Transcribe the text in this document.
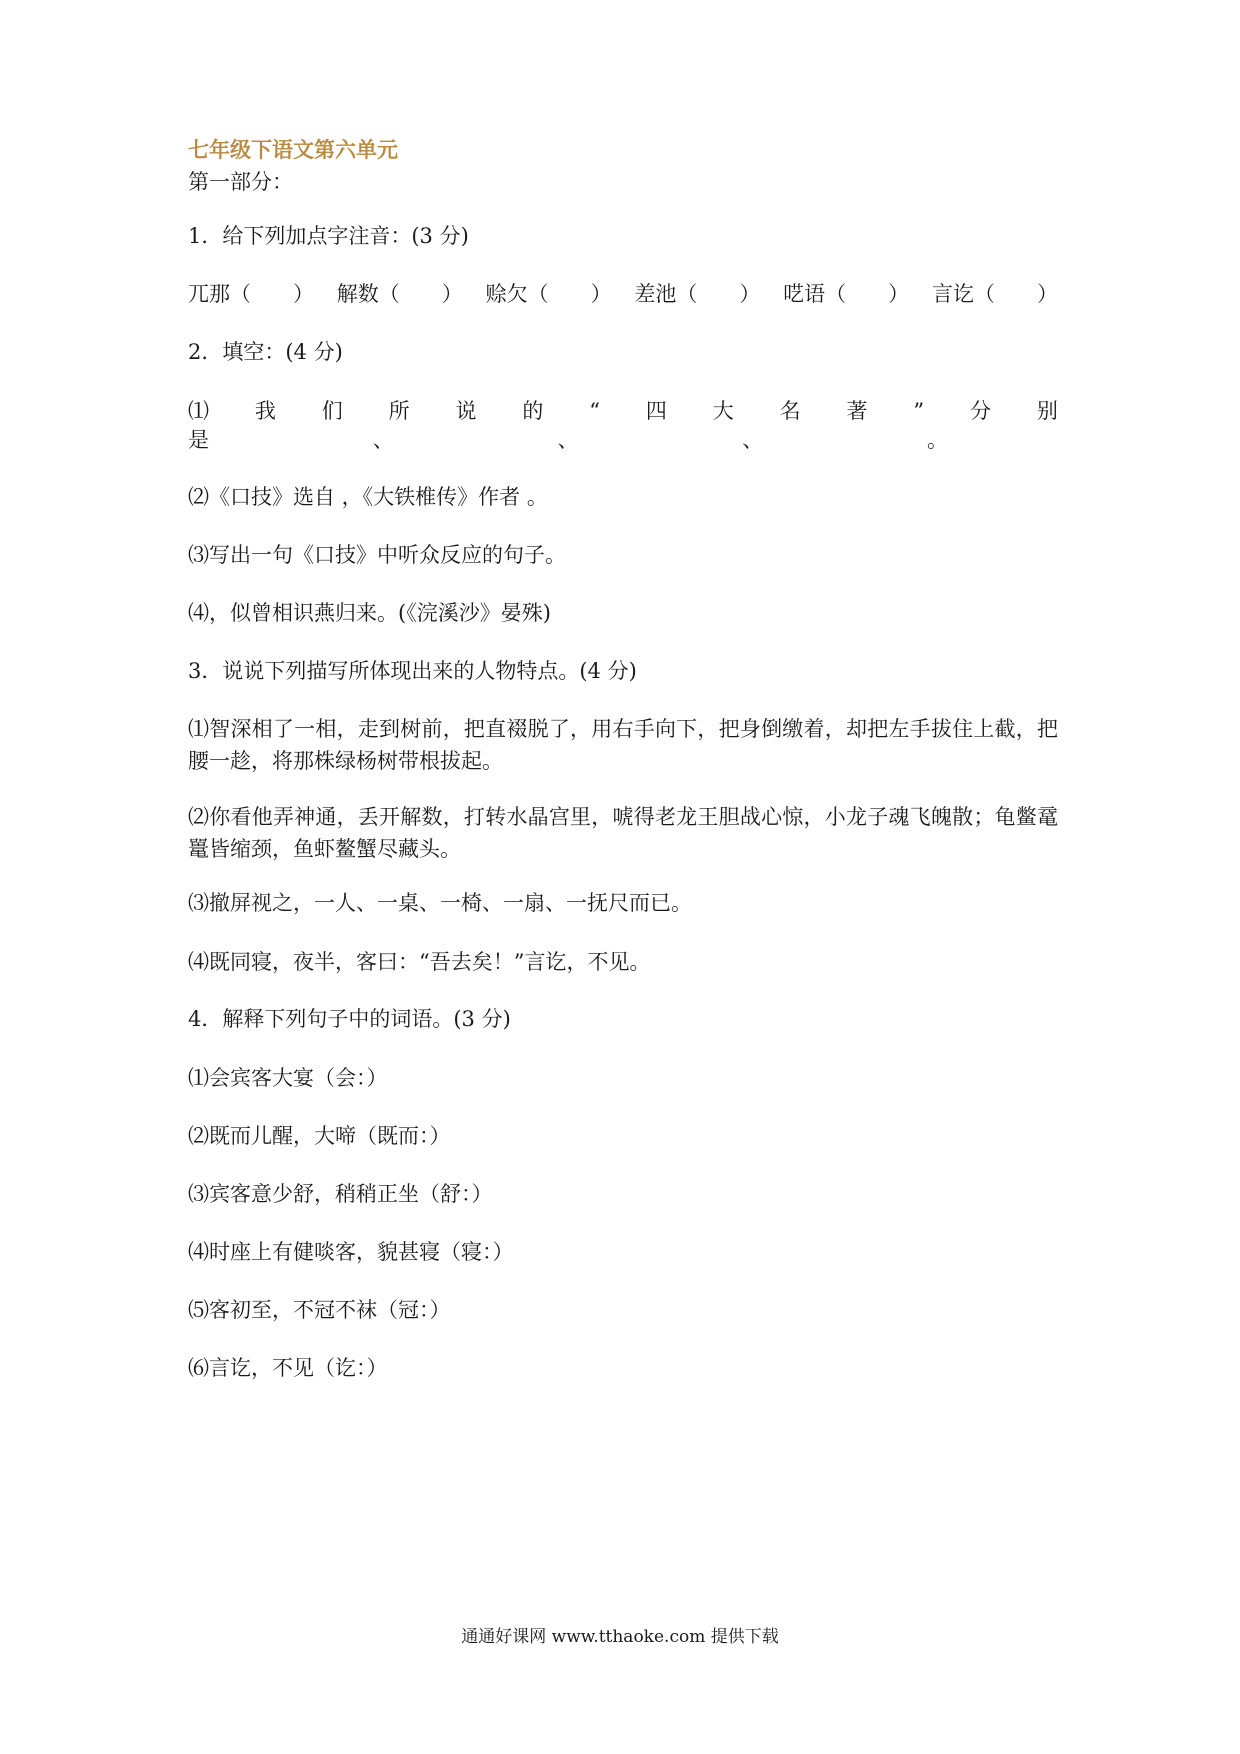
七年级下语文第六单元
第一部分：
1．给下列加点字注音：(3 分)
兀那（　　） 解数（　　） 赊欠（　　） 差池（　　） 呓语（　　） 言讫（　　）
2．填空：(4 分)
⑴ 我 们 所 说 的 “ 四 大 名 著 ” 分 别
是	、	、	、	。
⑵《口技》选自 ，《大铁椎传》作者 。
⑶写出一句《口技》中听众反应的句子。
⑷，似曾相识燕归来。(《浣溪沙》晏殊)
3．说说下列描写所体现出来的人物特点。(4 分)
⑴智深相了一相，走到树前，把直裰脱了，用右手向下，把身倒缴着，却把左手拔住上截，把腰一趁，将那株绿杨树带根拔起。
⑵你看他弄神通，丢开解数，打转水晶宫里，唬得老龙王胆战心惊，小龙子魂飞魄散；龟鳖鼋鼍皆缩颈，鱼虾鳌蟹尽藏头。
⑶撤屏视之，一人、一桌、一椅、一扇、一抚尺而已。
⑷既同寝，夜半，客曰：“吾去矣！”言讫，不见。
4．解释下列句子中的词语。(3 分)
⑴会宾客大宴（会：）
⑵既而儿醒，大啼（既而：）
⑶宾客意少舒，稍稍正坐（舒：）
⑷时座上有健啖客，貌甚寝（寝：）
⑸客初至，不冠不袜（冠：）
⑹言讫，不见（讫：）
通通好课网 www.tthaoke.com 提供下载
